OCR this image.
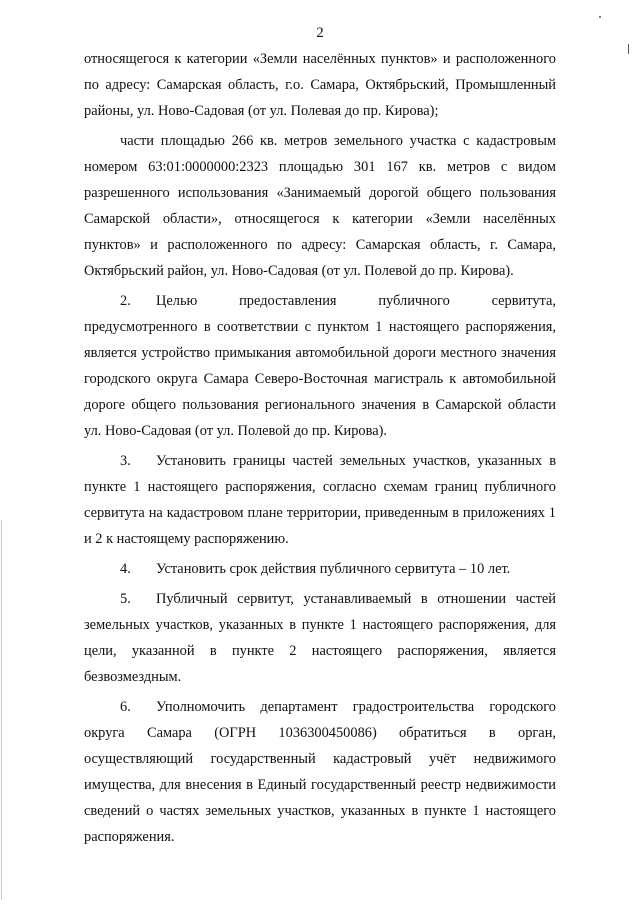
2

относящегося к категории «Земли населённых пунктов» и расположенного по адресу: Самарская область, г.о. Самара, Октябрьский, Промышленный районы, ул. Ново-Садовая (от ул. Полевая до пр. Кирова);

части площадью 266 кв. метров земельного участка с кадастровым номером 63:01:0000000:2323 площадью 301 167 кв. метров с видом разрешенного использования «Занимаемый дорогой общего пользования Самарской области», относящегося к категории «Земли населённых пунктов» и расположенного по адресу: Самарская область, г. Самара, Октябрьский район, ул. Ново-Садовая (от ул. Полевой до пр. Кирова).

2. Целью предоставления публичного сервитута, предусмотренного в соответствии с пунктом 1 настоящего распоряжения, является устройство примыкания автомобильной дороги местного значения городского округа Самара Северо-Восточная магистраль к автомобильной дороге общего пользования регионального значения в Самарской области ул. Ново-Садовая (от ул. Полевой до пр. Кирова).

3. Установить границы частей земельных участков, указанных в пункте 1 настоящего распоряжения, согласно схемам границ публичного сервитута на кадастровом плане территории, приведенным в приложениях 1 и 2 к настоящему распоряжению.

4. Установить срок действия публичного сервитута – 10 лет.

5. Публичный сервитут, устанавливаемый в отношении частей земельных участков, указанных в пункте 1 настоящего распоряжения, для цели, указанной в пункте 2 настоящего распоряжения, является безвозмездным.

6. Уполномочить департамент градостроительства городского округа Самара (ОГРН 1036300450086) обратиться в орган, осуществляющий государственный кадастровый учёт недвижимого имущества, для внесения в Единый государственный реестр недвижимости сведений о частях земельных участков, указанных в пункте 1 настоящего распоряжения.
